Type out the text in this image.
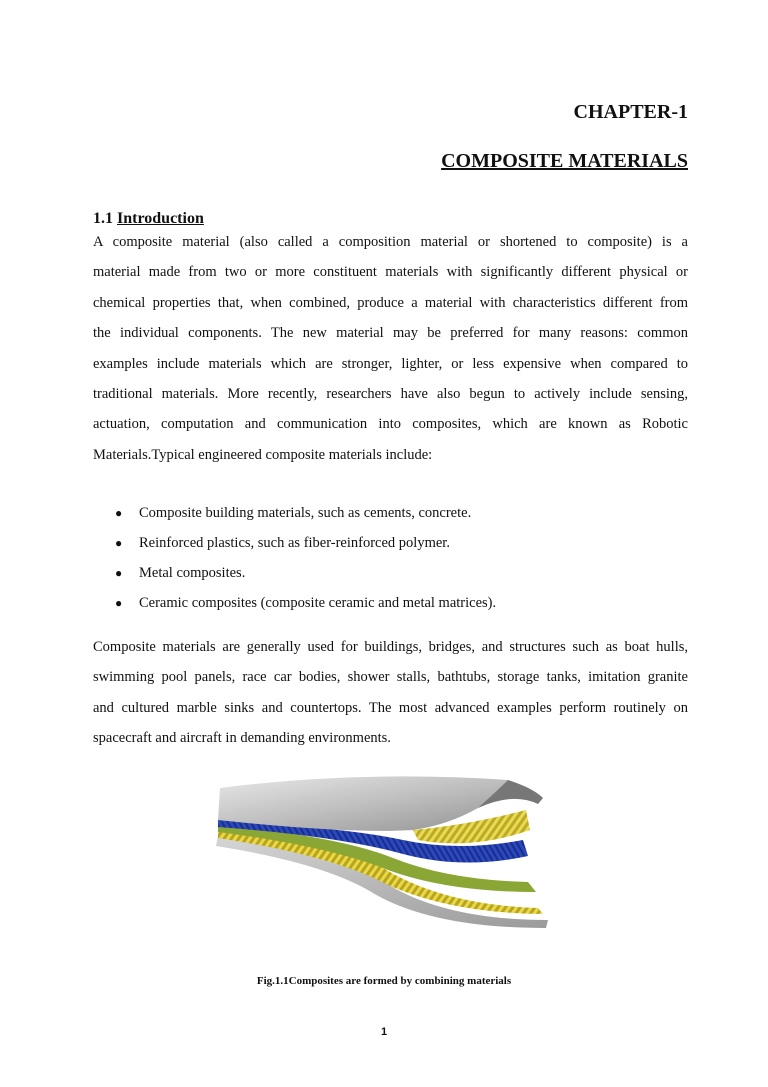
CHAPTER-1
COMPOSITE MATERIALS
1.1 Introduction

A composite material (also called a composition material or shortened to composite) is a
material made from two or more constituent materials with significantly different physical or
chemical properties that, when combined, produce a material with characteristics different from
the individual components. The new material may be preferred for many reasons: common
examples include materials which are stronger, lighter, or less expensive when compared to
traditional materials. More recently, researchers have also begun to actively include sensing,
actuation, computation and communication into composites, which are known as Robotic
Materials.Typical engineered composite materials include:

● Composite building materials, such as cements, concrete.
● Reinforced plastics, such as fiber-reinforced polymer.
● Metal composites.
● Ceramic composites (composite ceramic and metal matrices).

Composite materials are generally used for buildings, bridges, and structures such as boat hulls,
swimming pool panels, race car bodies, shower stalls, bathtubs, storage tanks, imitation granite
and cultured marble sinks and countertops. The most advanced examples perform routinely on
spacecraft and aircraft in demanding environments.

Fig.1.1Composites are formed by combining materials

1
